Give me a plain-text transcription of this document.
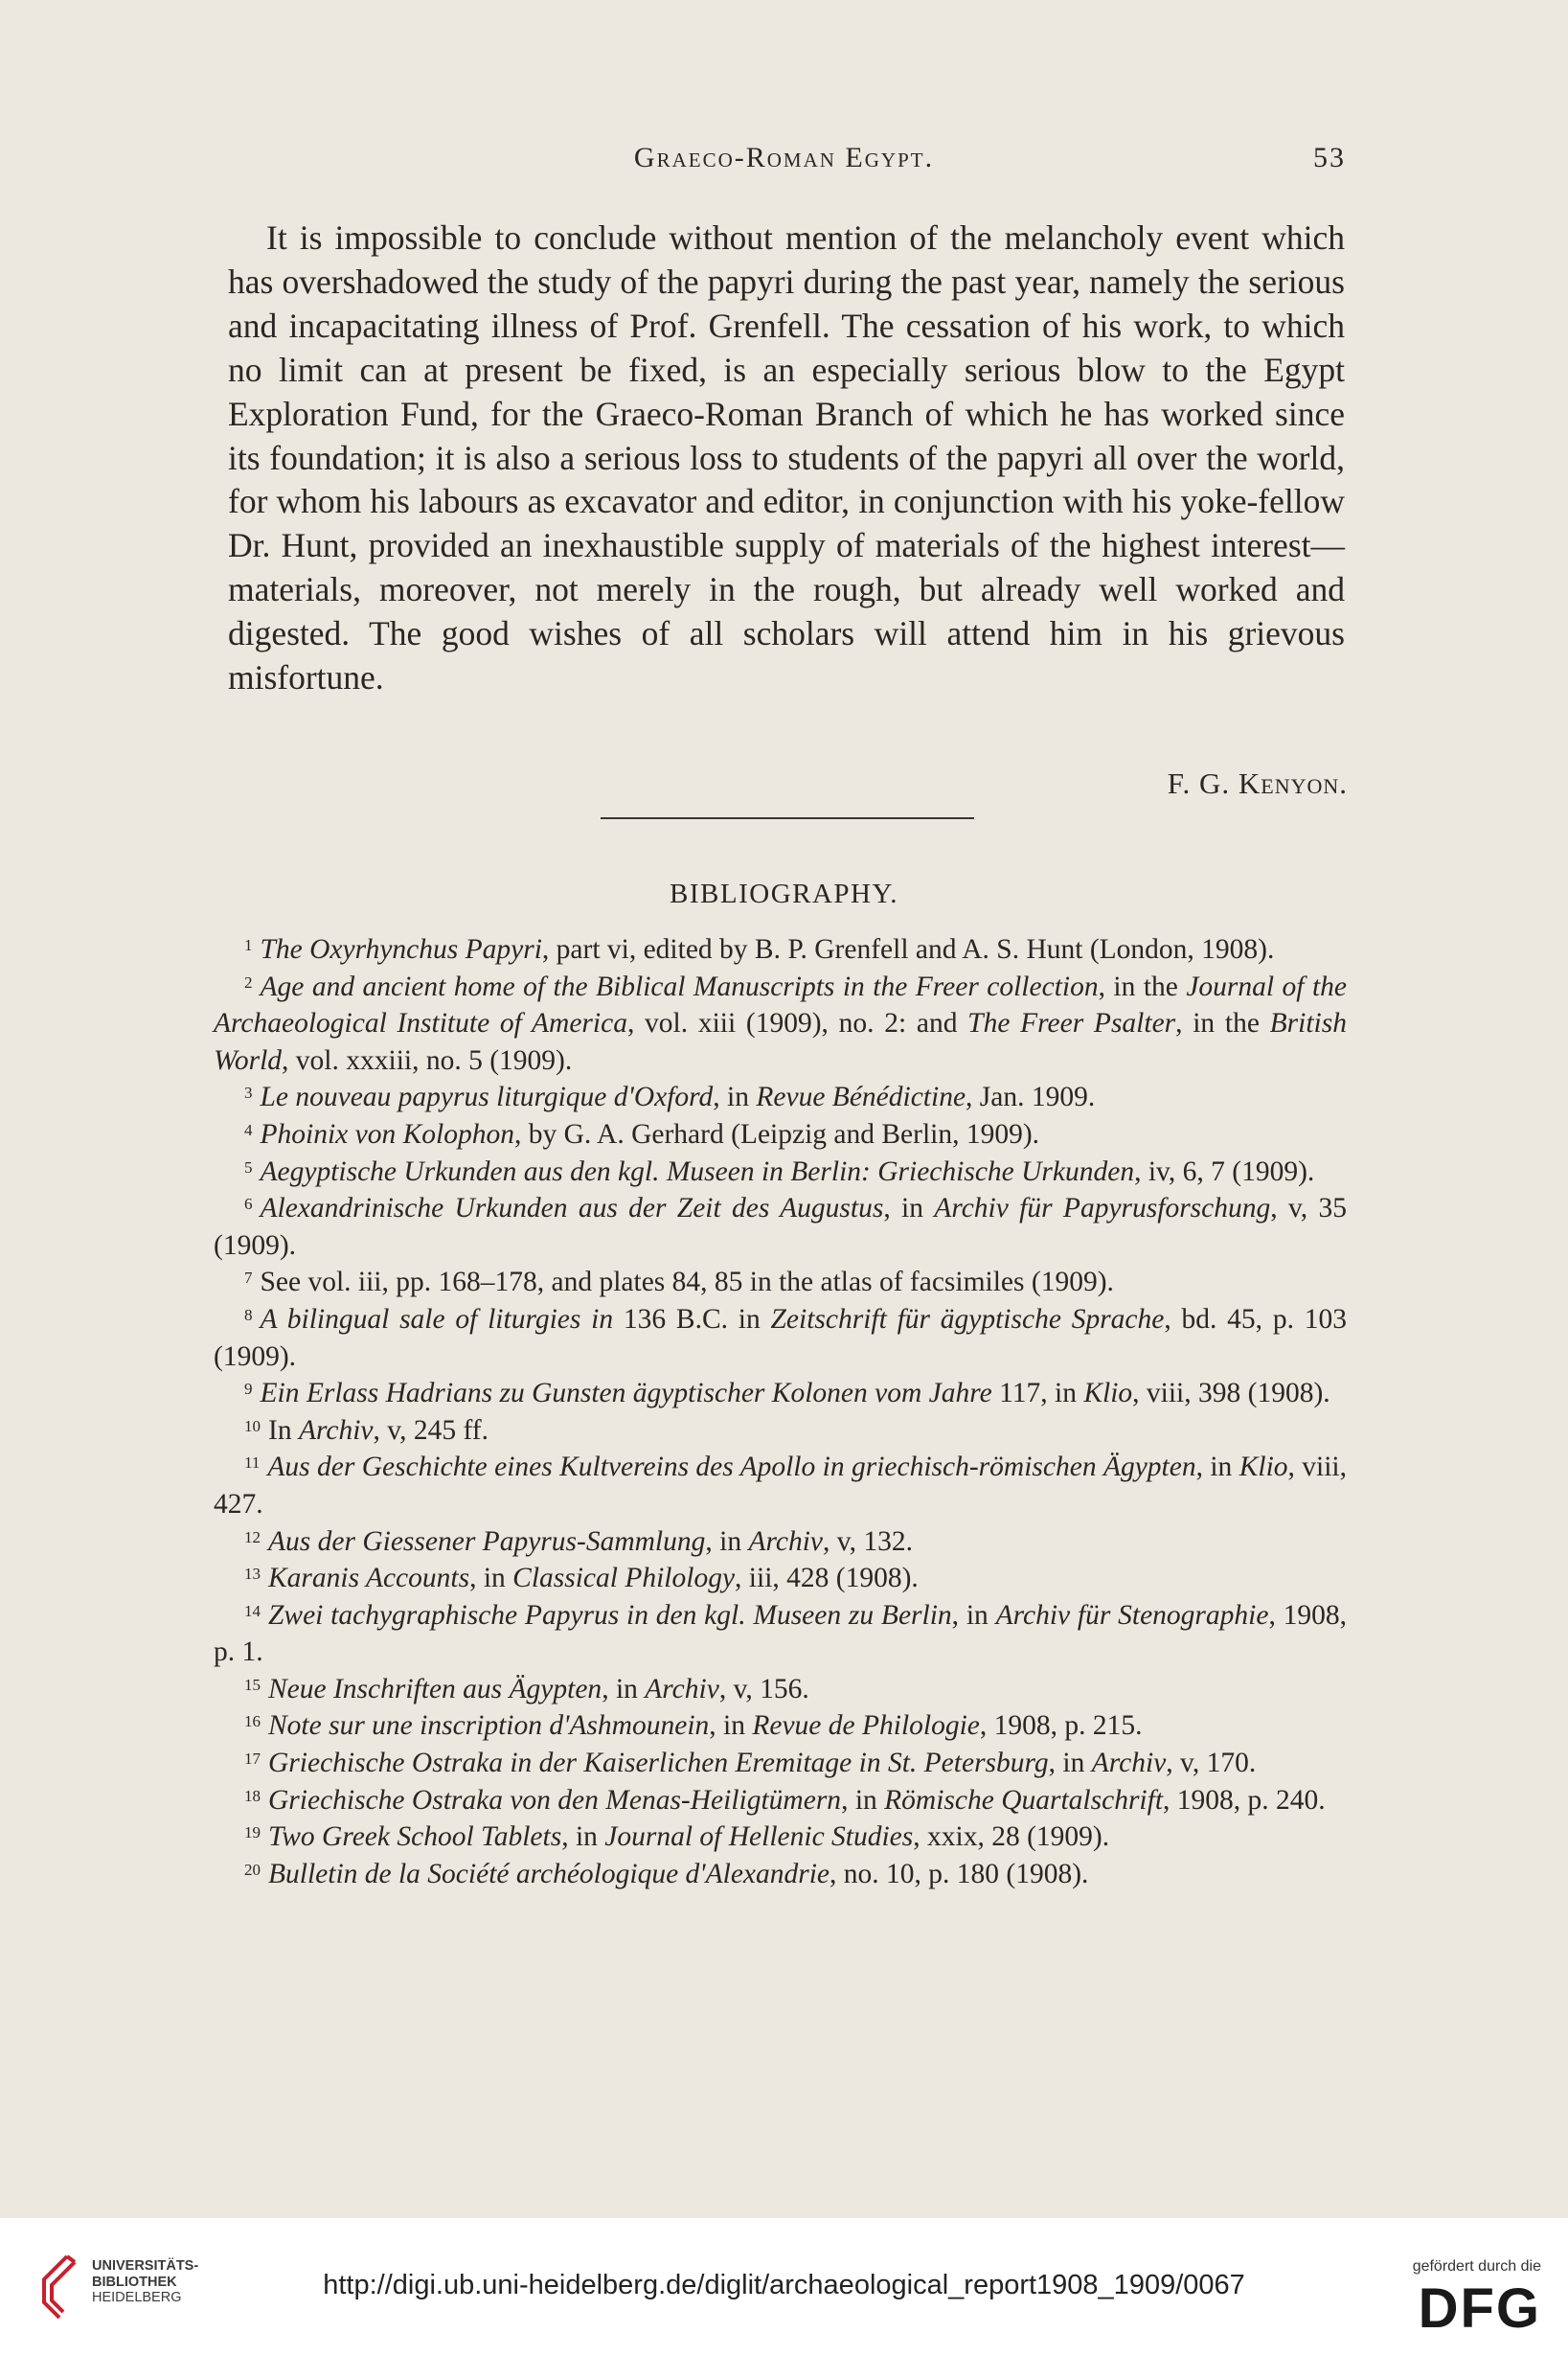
Graeco-Roman Egypt.	53

It is impossible to conclude without mention of the melancholy event which has overshadowed the study of the papyri during the past year, namely the serious and incapacitating illness of Prof. Grenfell. The cessation of his work, to which no limit can at present be fixed, is an especially serious blow to the Egypt Exploration Fund, for the Graeco-Roman Branch of which he has worked since its foundation; it is also a serious loss to students of the papyri all over the world, for whom his labours as excavator and editor, in conjunction with his yoke-fellow Dr. Hunt, provided an inexhaustible supply of materials of the highest interest—materials, moreover, not merely in the rough, but already well worked and digested. The good wishes of all scholars will attend him in his grievous misfortune.

F. G. Kenyon.
BIBLIOGRAPHY.

$^1$ The Oxyrhynchus Papyri, part vi, edited by B. P. Grenfell and A. S. Hunt (London, 1908).

$^2$ Age and ancient home of the Biblical Manuscripts in the Freer collection, in the Journal of the Archaeological Institute of America, vol. xiii (1909), no. 2: and The Freer Psalter, in the British World, vol. xxxiii, no. 5 (1909).

$^3$ Le nouveau papyrus liturgique d'Oxford, in Revue Bénédictine, Jan. 1909.

$^4$ Phoinix von Kolophon, by G. A. Gerhard (Leipzig and Berlin, 1909).

$^5$ Aegyptische Urkunden aus den kgl. Museen in Berlin: Griechische Urkunden, iv, 6, 7 (1909).

$^6$ Alexandrinische Urkunden aus der Zeit des Augustus, in Archiv für Papyrusforschung, v, 35 (1909).

$^7$ See vol. iii, pp. 168–178, and plates 84, 85 in the atlas of facsimiles (1909).

$^8$ A bilingual sale of liturgies in 136 B.C. in Zeitschrift für ägyptische Sprache, bd. 45, p. 103 (1909).

$^9$ Ein Erlass Hadrians zu Gunsten ägyptischer Kolonen vom Jahre 117, in Klio, viii, 398 (1908).

$^{10}$ In Archiv, v, 245 ff.

$^{11}$ Aus der Geschichte eines Kultvereins des Apollo in griechisch-römischen Ägypten, in Klio, viii, 427.

$^{12}$ Aus der Giessener Papyrus-Sammlung, in Archiv, v, 132.

$^{13}$ Karanis Accounts, in Classical Philology, iii, 428 (1908).

$^{14}$ Zwei tachygraphische Papyrus in den kgl. Museen zu Berlin, in Archiv für Stenographie, 1908, p. 1.

$^{15}$ Neue Inschriften aus Ägypten, in Archiv, v, 156.

$^{16}$ Note sur une inscription d'Ashmounein, in Revue de Philologie, 1908, p. 215.

$^{17}$ Griechische Ostraka in der Kaiserlichen Eremitage in St. Petersburg, in Archiv, v, 170.

$^{18}$ Griechische Ostraka von den Menas-Heiligtümern, in Römische Quartalschrift, 1908, p. 240.

$^{19}$ Two Greek School Tablets, in Journal of Hellenic Studies, xxix, 28 (1909).

$^{20}$ Bulletin de la Société archéologique d'Alexandrie, no. 10, p. 180 (1908).

UNIVERSITÄTS-
BIBLIOTHEK
HEIDELBERG	http://digi.ub.uni-heidelberg.de/diglit/archaeological_report1908_1909/0067
gefördert durch die
DFG
